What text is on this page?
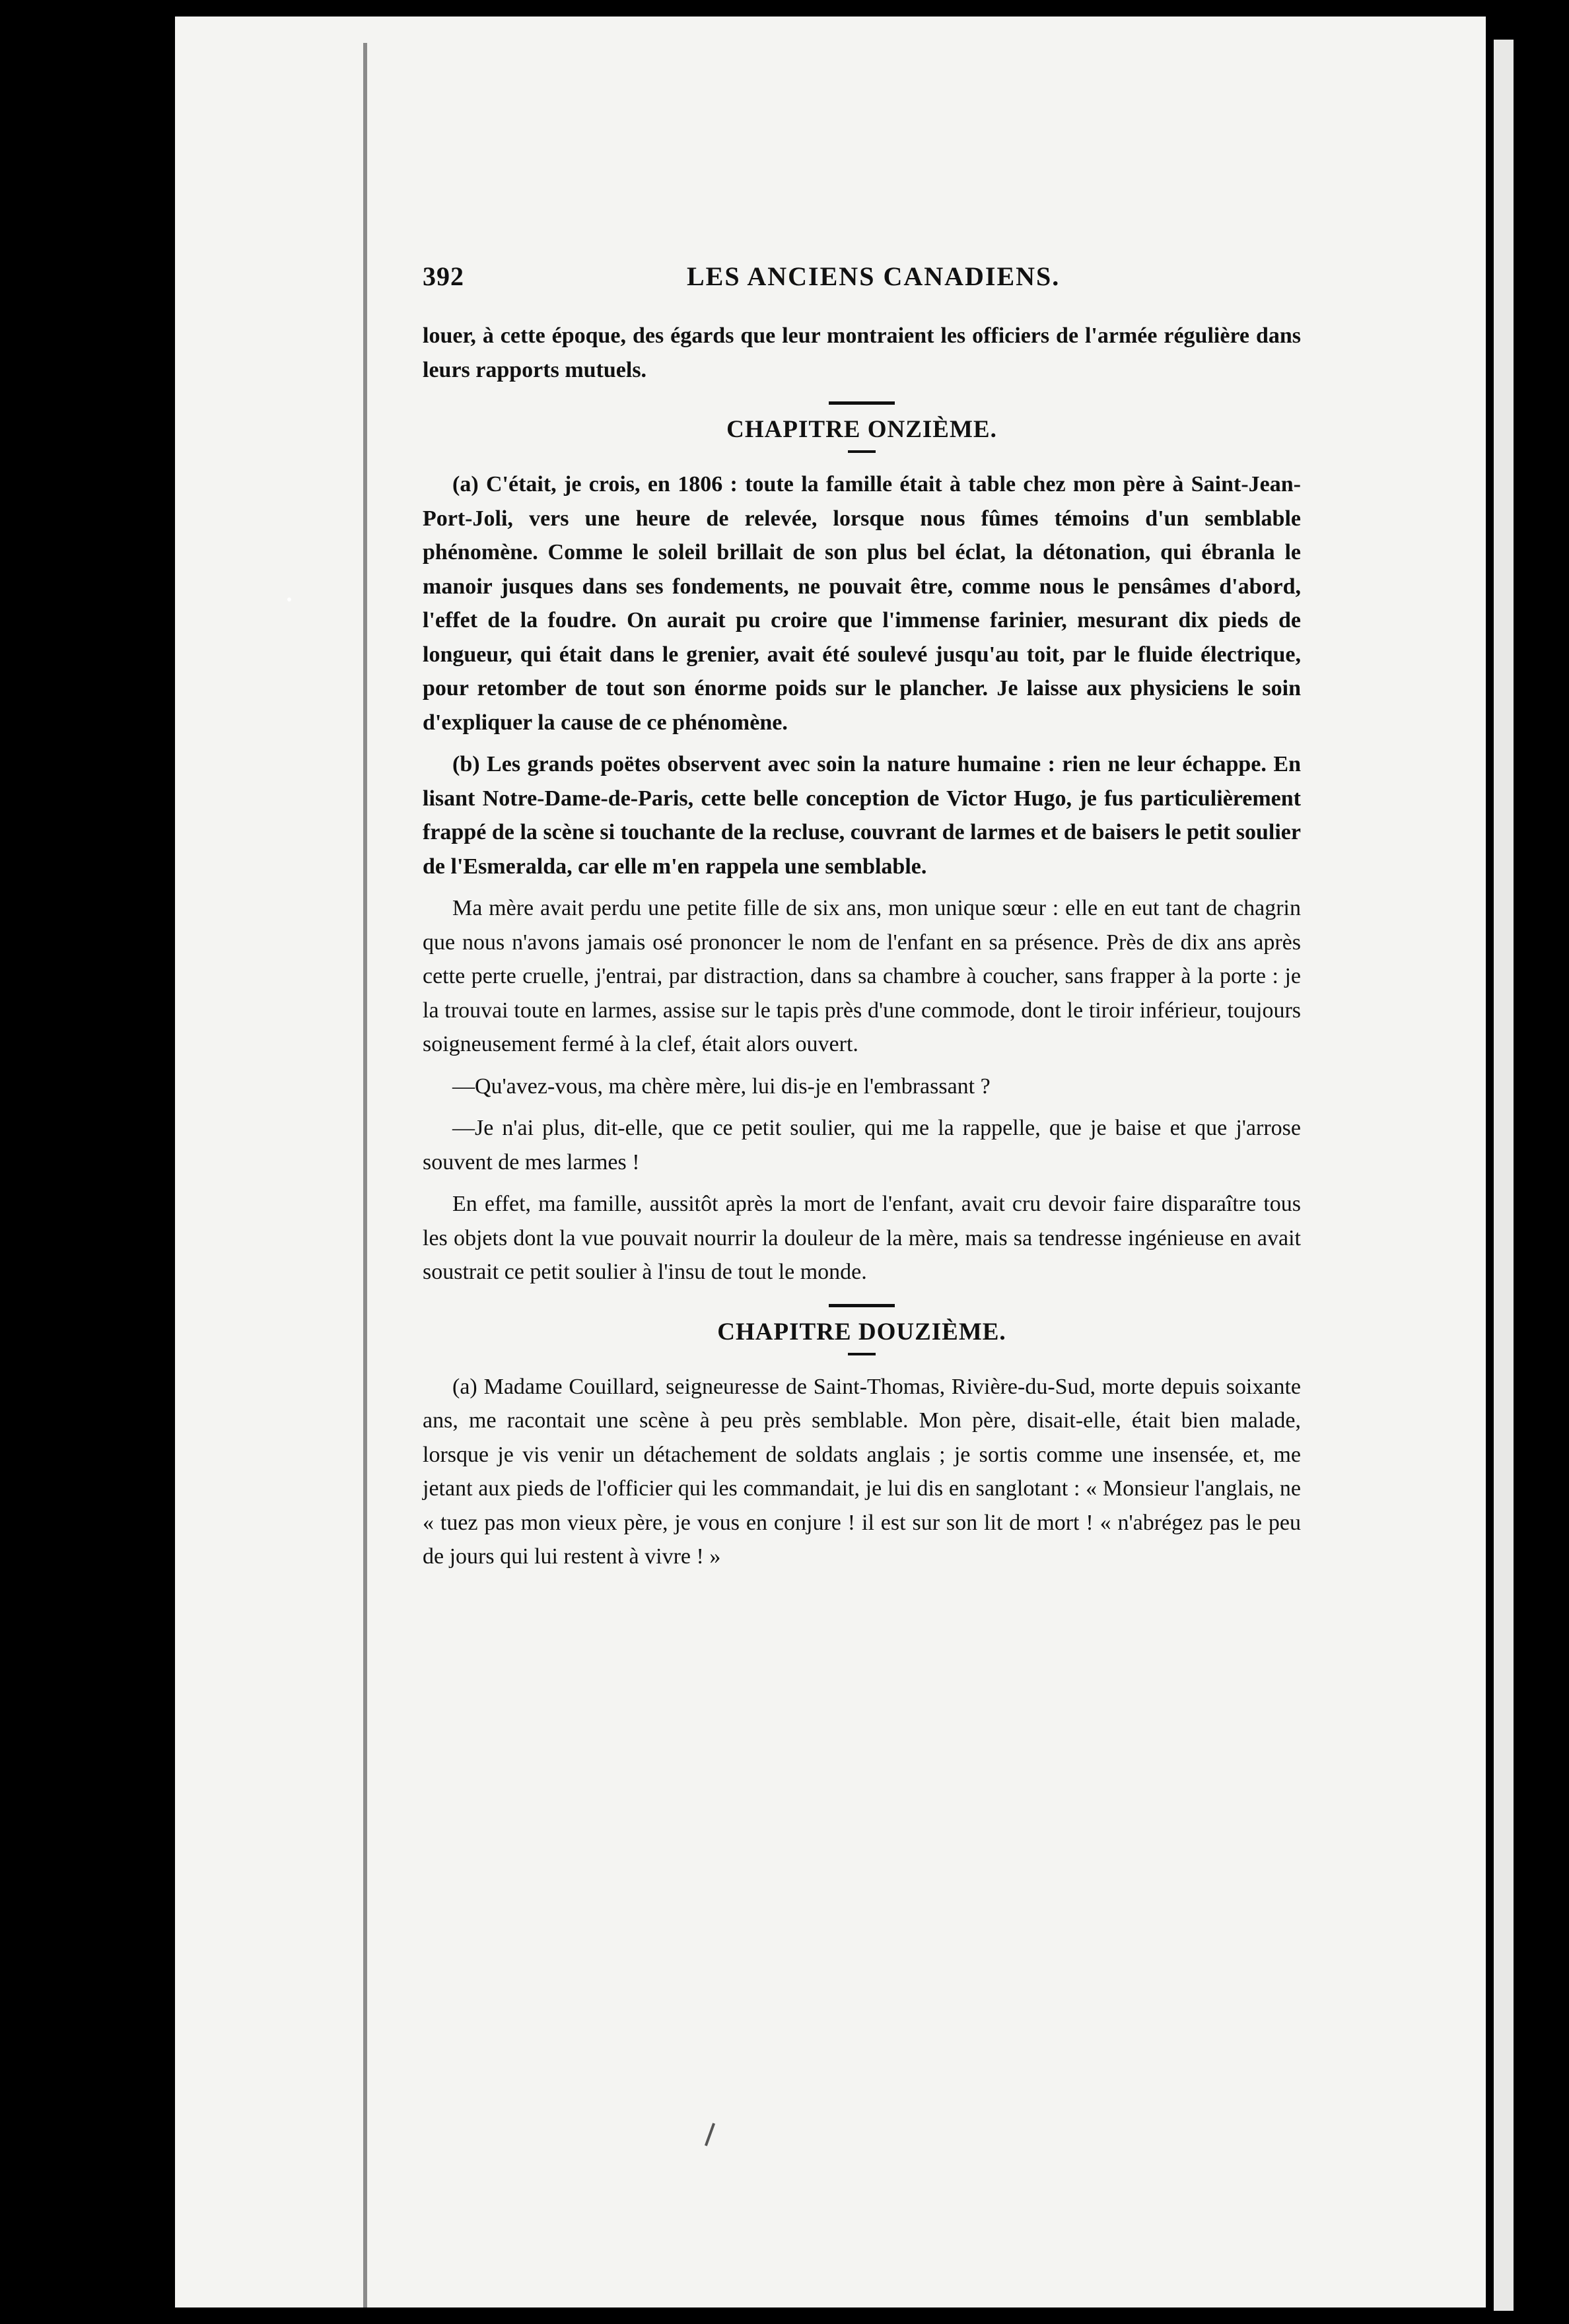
392	LES ANCIENS CANADIENS.

louer, à cette époque, des égards que leur montraient les officiers de l'armée régulière dans leurs rapports mutuels.

CHAPITRE ONZIÈME.

(a) C'était, je crois, en 1806 : toute la famille était à table chez mon père à Saint-Jean-Port-Joli, vers une heure de relevée, lorsque nous fûmes témoins d'un semblable phénomène. Comme le soleil brillait de son plus bel éclat, la détonation, qui ébranla le manoir jusques dans ses fondements, ne pouvait être, comme nous le pensâmes d'abord, l'effet de la foudre. On aurait pu croire que l'immense farinier, mesurant dix pieds de longueur, qui était dans le grenier, avait été soulevé jusqu'au toit, par le fluide électrique, pour retomber de tout son énorme poids sur le plancher. Je laisse aux physiciens le soin d'expliquer la cause de ce phénomène.

(b) Les grands poëtes observent avec soin la nature humaine : rien ne leur échappe. En lisant Notre-Dame-de-Paris, cette belle conception de Victor Hugo, je fus particulièrement frappé de la scène si touchante de la recluse, couvrant de larmes et de baisers le petit soulier de l'Esmeralda, car elle m'en rappela une semblable.

Ma mère avait perdu une petite fille de six ans, mon unique sœur : elle en eut tant de chagrin que nous n'avons jamais osé prononcer le nom de l'enfant en sa présence. Près de dix ans après cette perte cruelle, j'entrai, par distraction, dans sa chambre à coucher, sans frapper à la porte : je la trouvai toute en larmes, assise sur le tapis près d'une commode, dont le tiroir inférieur, toujours soigneusement fermé à la clef, était alors ouvert.

—Qu'avez-vous, ma chère mère, lui dis-je en l'embrassant ?

—Je n'ai plus, dit-elle, que ce petit soulier, qui me la rappelle, que je baise et que j'arrose souvent de mes larmes !

En effet, ma famille, aussitôt après la mort de l'enfant, avait cru devoir faire disparaître tous les objets dont la vue pouvait nourrir la douleur de la mère, mais sa tendresse ingénieuse en avait soustrait ce petit soulier à l'insu de tout le monde.

CHAPITRE DOUZIÈME.

(a) Madame Couillard, seigneuresse de Saint-Thomas, Rivière-du-Sud, morte depuis soixante ans, me racontait une scène à peu près semblable. Mon père, disait-elle, était bien malade, lorsque je vis venir un détachement de soldats anglais ; je sortis comme une insensée, et, me jetant aux pieds de l'officier qui les commandait, je lui dis en sanglotant : « Monsieur l'anglais, ne « tuez pas mon vieux père, je vous en conjure ! il est sur son lit de mort ! « n'abrégez pas le peu de jours qui lui restent à vivre ! »
